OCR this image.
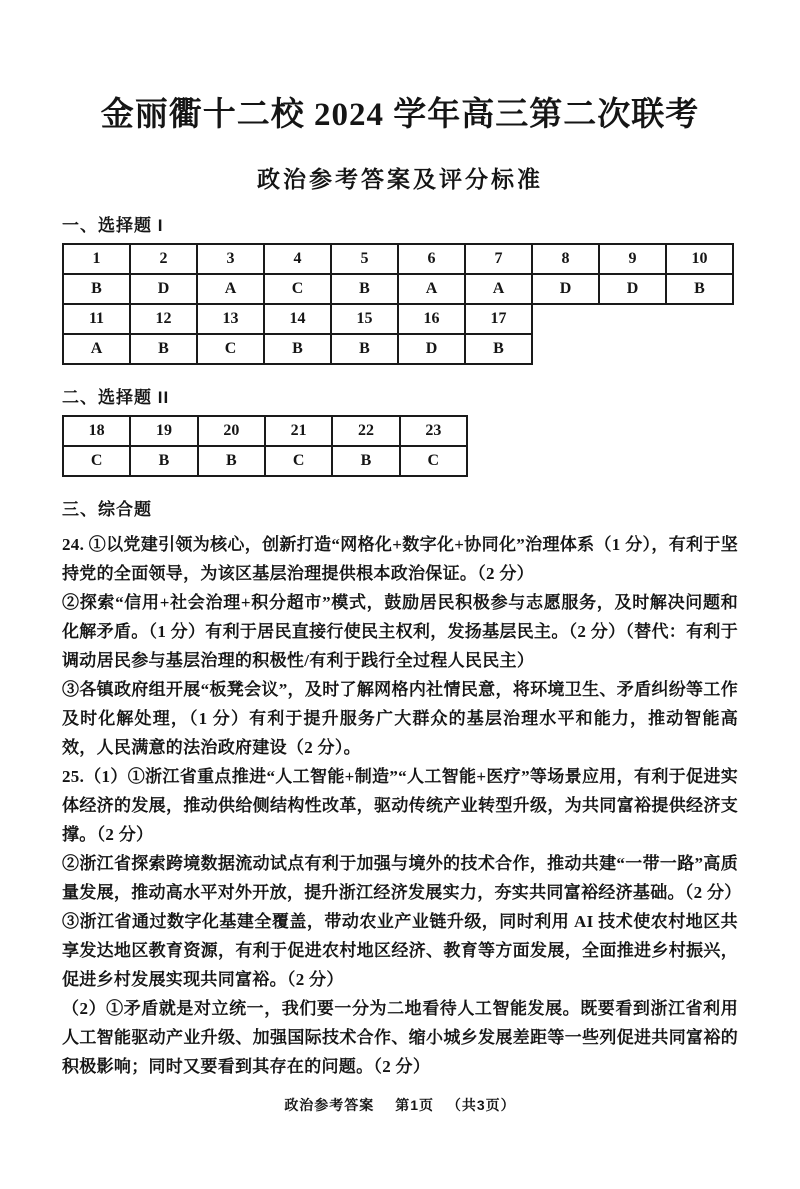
金丽衢十二校 2024 学年高三第二次联考
政治参考答案及评分标准
一、选择题 I
1	2	3	4	5	6	7	8	9	10
B	D	A	C	B	A	A	D	D	B
11	12	13	14	15	16	17
A	B	C	B	B	D	B
二、选择题 II
18	19	20	21	22	23
C	B	B	C	B	C
三、综合题

24. ①以党建引领为核心，创新打造“网格化+数字化+协同化”治理体系（1 分），有利于坚持党的全面领导，为该区基层治理提供根本政治保证。（2 分）

②探索“信用+社会治理+积分超市”模式，鼓励居民积极参与志愿服务，及时解决问题和化解矛盾。（1 分）有利于居民直接行使民主权利，发扬基层民主。（2 分）（替代：有利于调动居民参与基层治理的积极性/有利于践行全过程人民民主）

③各镇政府组开展“板凳会议”，及时了解网格内社情民意，将环境卫生、矛盾纠纷等工作及时化解处理，（1 分）有利于提升服务广大群众的基层治理水平和能力，推动智能高效，人民满意的法治政府建设（2 分）。

25.（1）①浙江省重点推进“人工智能+制造”“人工智能+医疗”等场景应用，有利于促进实体经济的发展，推动供给侧结构性改革，驱动传统产业转型升级，为共同富裕提供经济支撑。（2 分）

②浙江省探索跨境数据流动试点有利于加强与境外的技术合作，推动共建“一带一路”高质量发展，推动高水平对外开放，提升浙江经济发展实力，夯实共同富裕经济基础。（2 分）

③浙江省通过数字化基建全覆盖，带动农业产业链升级，同时利用 AI 技术使农村地区共享发达地区教育资源，有利于促进农村地区经济、教育等方面发展，全面推进乡村振兴，促进乡村发展实现共同富裕。（2 分）

（2）①矛盾就是对立统一，我们要一分为二地看待人工智能发展。既要看到浙江省利用人工智能驱动产业升级、加强国际技术合作、缩小城乡发展差距等一些列促进共同富裕的积极影响；同时又要看到其存在的问题。（2 分）

政治参考答案 第1页 （共3页）
